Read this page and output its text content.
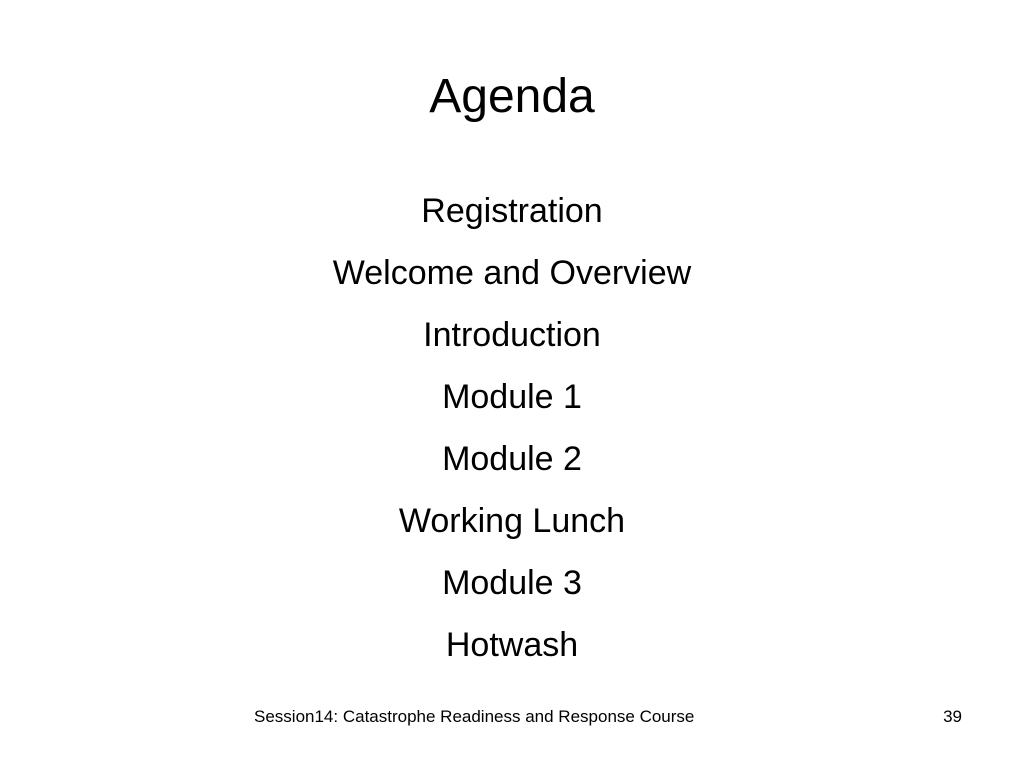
Agenda
Registration
Welcome and Overview
Introduction
Module 1
Module 2
Working Lunch
Module 3
Hotwash
Session14: Catastrophe Readiness and Response Course	39
